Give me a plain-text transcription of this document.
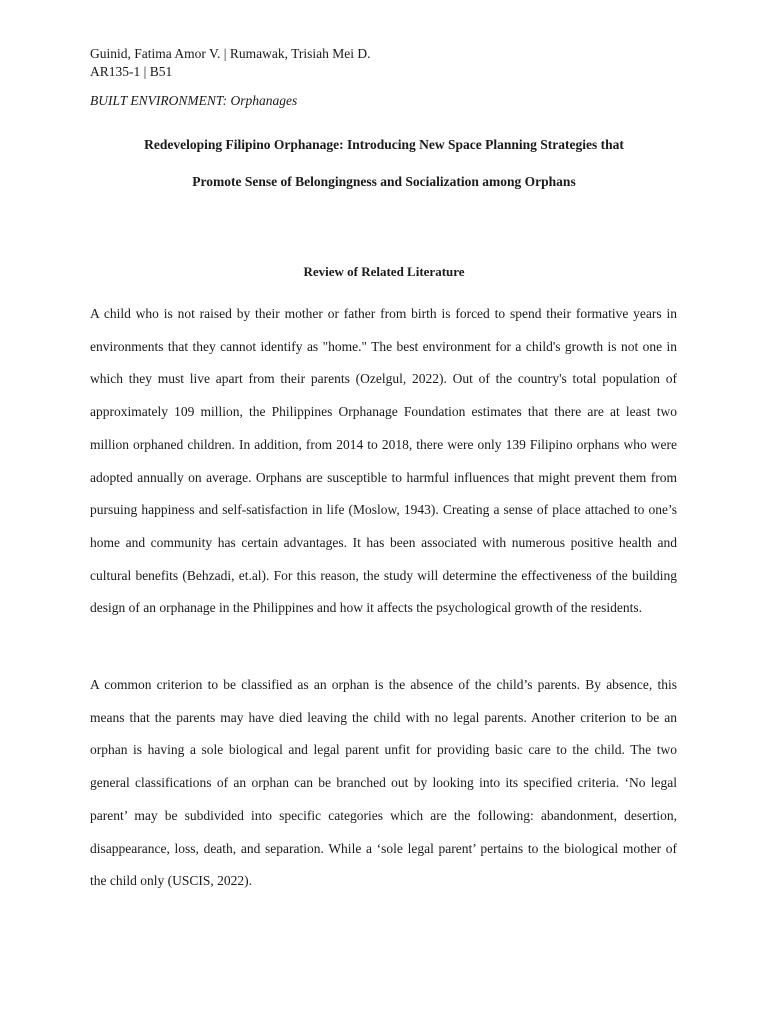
Guinid, Fatima Amor V. | Rumawak, Trisiah Mei D.
AR135-1 | B51
BUILT ENVIRONMENT: Orphanages
Redeveloping Filipino Orphanage: Introducing New Space Planning Strategies that
Promote Sense of Belongingness and Socialization among Orphans
Review of Related Literature

A child who is not raised by their mother or father from birth is forced to spend their formative years in environments that they cannot identify as "home." The best environment for a child's growth is not one in which they must live apart from their parents (Ozelgul, 2022). Out of the country's total population of approximately 109 million, the Philippines Orphanage Foundation estimates that there are at least two million orphaned children. In addition, from 2014 to 2018, there were only 139 Filipino orphans who were adopted annually on average. Orphans are susceptible to harmful influences that might prevent them from pursuing happiness and self-satisfaction in life (Moslow, 1943). Creating a sense of place attached to one’s home and community has certain advantages. It has been associated with numerous positive health and cultural benefits (Behzadi, et.al). For this reason, the study will determine the effectiveness of the building design of an orphanage in the Philippines and how it affects the psychological growth of the residents.

A common criterion to be classified as an orphan is the absence of the child’s parents. By absence, this means that the parents may have died leaving the child with no legal parents. Another criterion to be an orphan is having a sole biological and legal parent unfit for providing basic care to the child. The two general classifications of an orphan can be branched out by looking into its specified criteria. ‘No legal parent’ may be subdivided into specific categories which are the following: abandonment, desertion, disappearance, loss, death, and separation. While a ‘sole legal parent’ pertains to the biological mother of the child only (USCIS, 2022).
